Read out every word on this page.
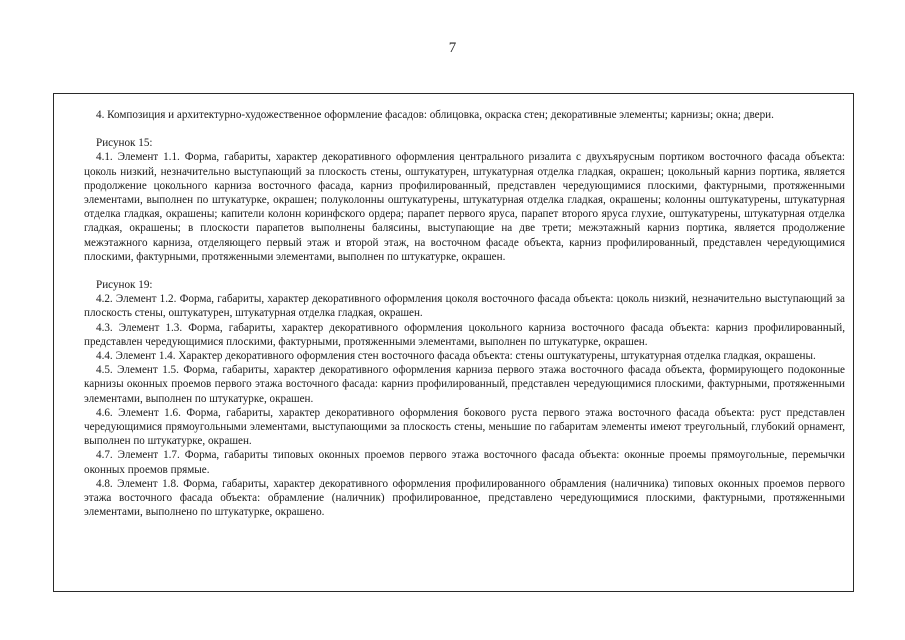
7

4. Композиция и архитектурно-художественное оформление фасадов: облицовка, окраска стен; декоративные элементы; карнизы; окна; двери.

Рисунок 15:

4.1. Элемент 1.1. Форма, габариты, характер декоративного оформления центрального ризалита с двухъярусным портиком восточного фасада объекта: цоколь низкий, незначительно выступающий за плоскость стены, оштукатурен, штукатурная отделка гладкая, окрашен; цокольный карниз портика, является продолжение цокольного карниза восточного фасада, карниз профилированный, представлен чередующимися плоскими, фактурными, протяженными элементами, выполнен по штукатурке, окрашен; полуколонны оштукатурены, штукатурная отделка гладкая, окрашены; колонны оштукатурены, штукатурная отделка гладкая, окрашены; капители колонн коринфского ордера; парапет первого яруса, парапет второго яруса глухие, оштукатурены, штукатурная отделка гладкая, окрашены; в плоскости парапетов выполнены балясины, выступающие на две трети; межэтажный карниз портика, является продолжение межэтажного карниза, отделяющего первый этаж и второй этаж, на восточном фасаде объекта, карниз профилированный, представлен чередующимися плоскими, фактурными, протяженными элементами, выполнен по штукатурке, окрашен.

Рисунок 19:

4.2. Элемент 1.2. Форма, габариты, характер декоративного оформления цоколя восточного фасада объекта: цоколь низкий, незначительно выступающий за плоскость стены, оштукатурен, штукатурная отделка гладкая, окрашен.

4.3. Элемент 1.3. Форма, габариты, характер декоративного оформления цокольного карниза восточного фасада объекта: карниз профилированный, представлен чередующимися плоскими, фактурными, протяженными элементами, выполнен по штукатурке, окрашен.

4.4. Элемент 1.4. Характер декоративного оформления стен восточного фасада объекта: стены оштукатурены, штукатурная отделка гладкая, окрашены.

4.5. Элемент 1.5. Форма, габариты, характер декоративного оформления карниза первого этажа восточного фасада объекта, формирующего подоконные карнизы оконных проемов первого этажа восточного фасада: карниз профилированный, представлен чередующимися плоскими, фактурными, протяженными элементами, выполнен по штукатурке, окрашен.

4.6. Элемент 1.6. Форма, габариты, характер декоративного оформления бокового руста первого этажа восточного фасада объекта: руст представлен чередующимися прямоугольными элементами, выступающими за плоскость стены, меньшие по габаритам элементы имеют треугольный, глубокий орнамент, выполнен по штукатурке, окрашен.

4.7. Элемент 1.7. Форма, габариты типовых оконных проемов первого этажа восточного фасада объекта: оконные проемы прямоугольные, перемычки оконных проемов прямые.

4.8. Элемент 1.8. Форма, габариты, характер декоративного оформления профилированного обрамления (наличника) типовых оконных проемов первого этажа восточного фасада объекта: обрамление (наличник) профилированное, представлено чередующимися плоскими, фактурными, протяженными элементами, выполнено по штукатурке, окрашено.
